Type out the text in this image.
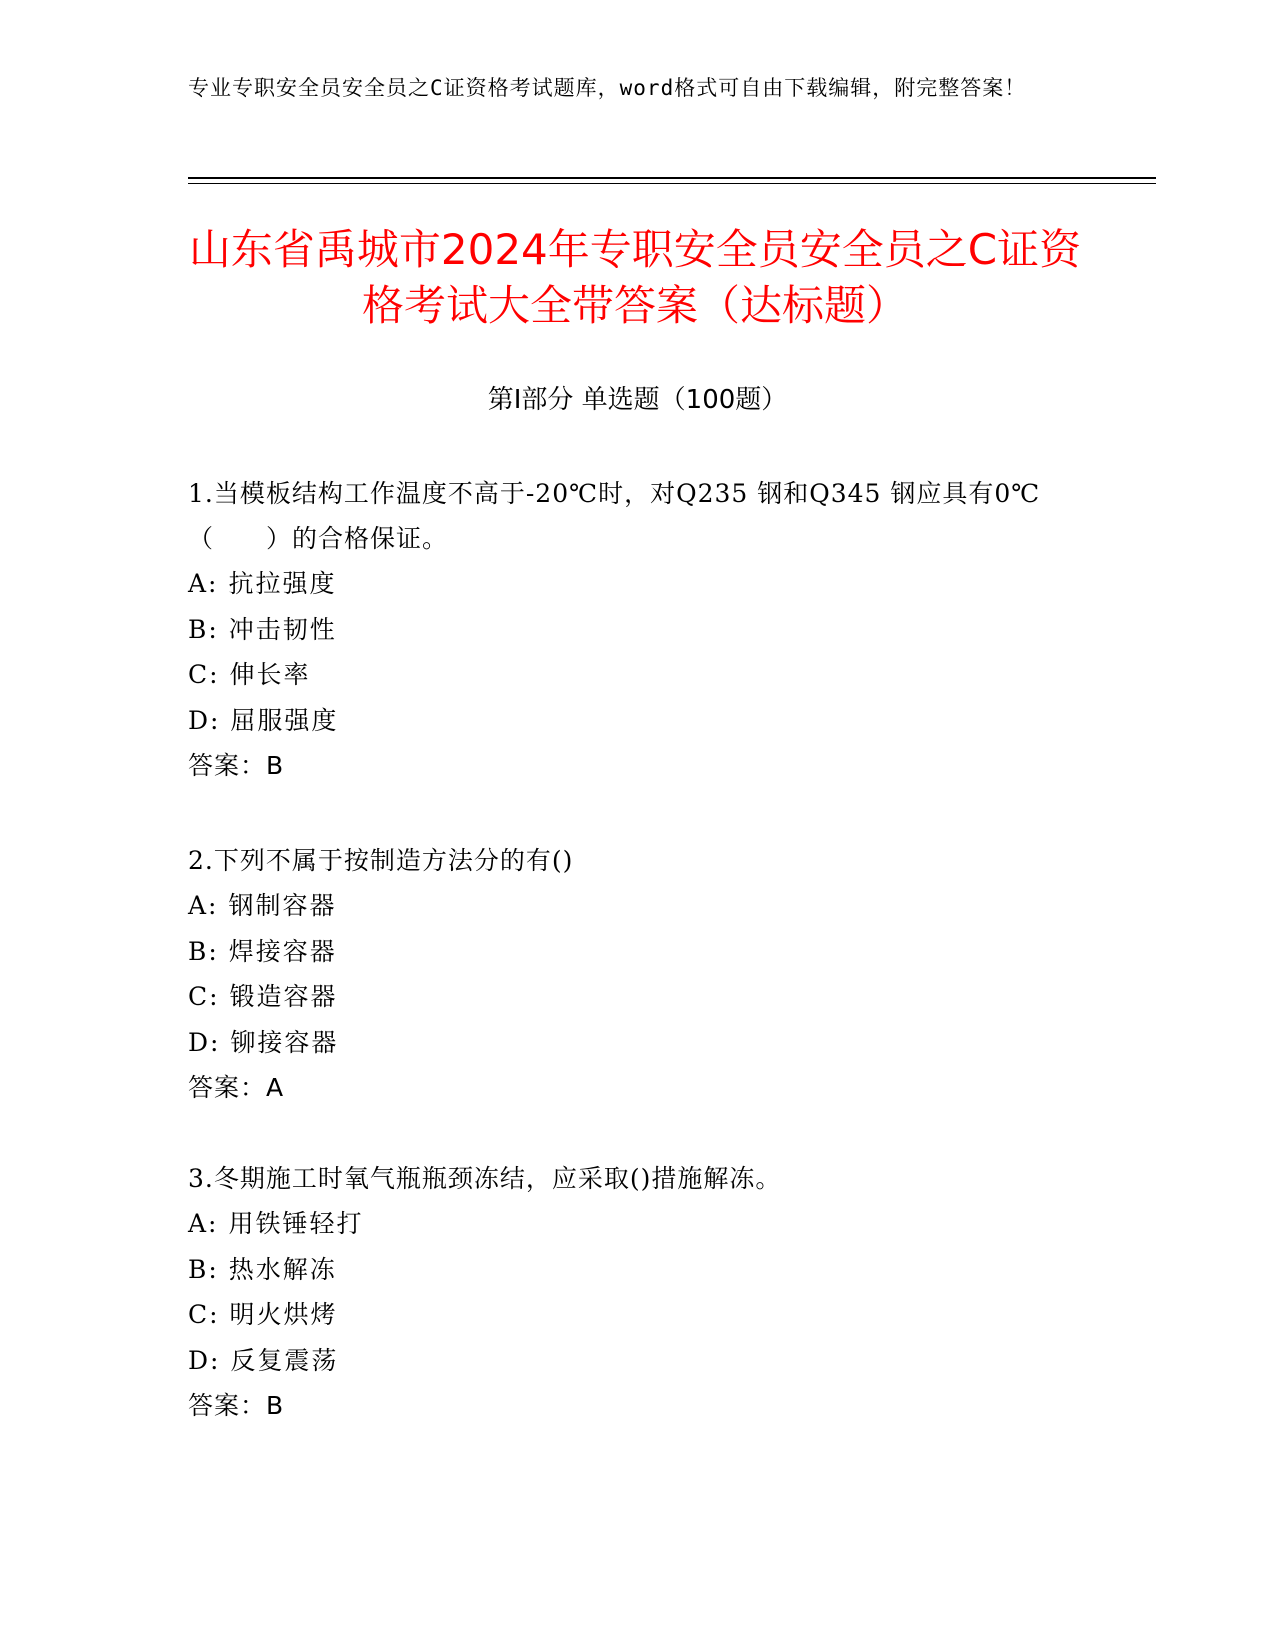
专业专职安全员安全员之C证资格考试题库，word格式可自由下载编辑，附完整答案！
山东省禹城市2024年专职安全员安全员之C证资格考试大全带答案（达标题）
第I部分 单选题（100题）
1.当模板结构工作温度不高于-20℃时，对Q235 钢和Q345 钢应具有0℃（　　）的合格保证。
A: 抗拉强度
B: 冲击韧性
C: 伸长率
D: 屈服强度
答案：B
2.下列不属于按制造方法分的有()
A: 钢制容器
B: 焊接容器
C: 锻造容器
D: 铆接容器
答案：A
3.冬期施工时氧气瓶瓶颈冻结，应采取()措施解冻。
A: 用铁锤轻打
B: 热水解冻
C: 明火烘烤
D: 反复震荡
答案：B
